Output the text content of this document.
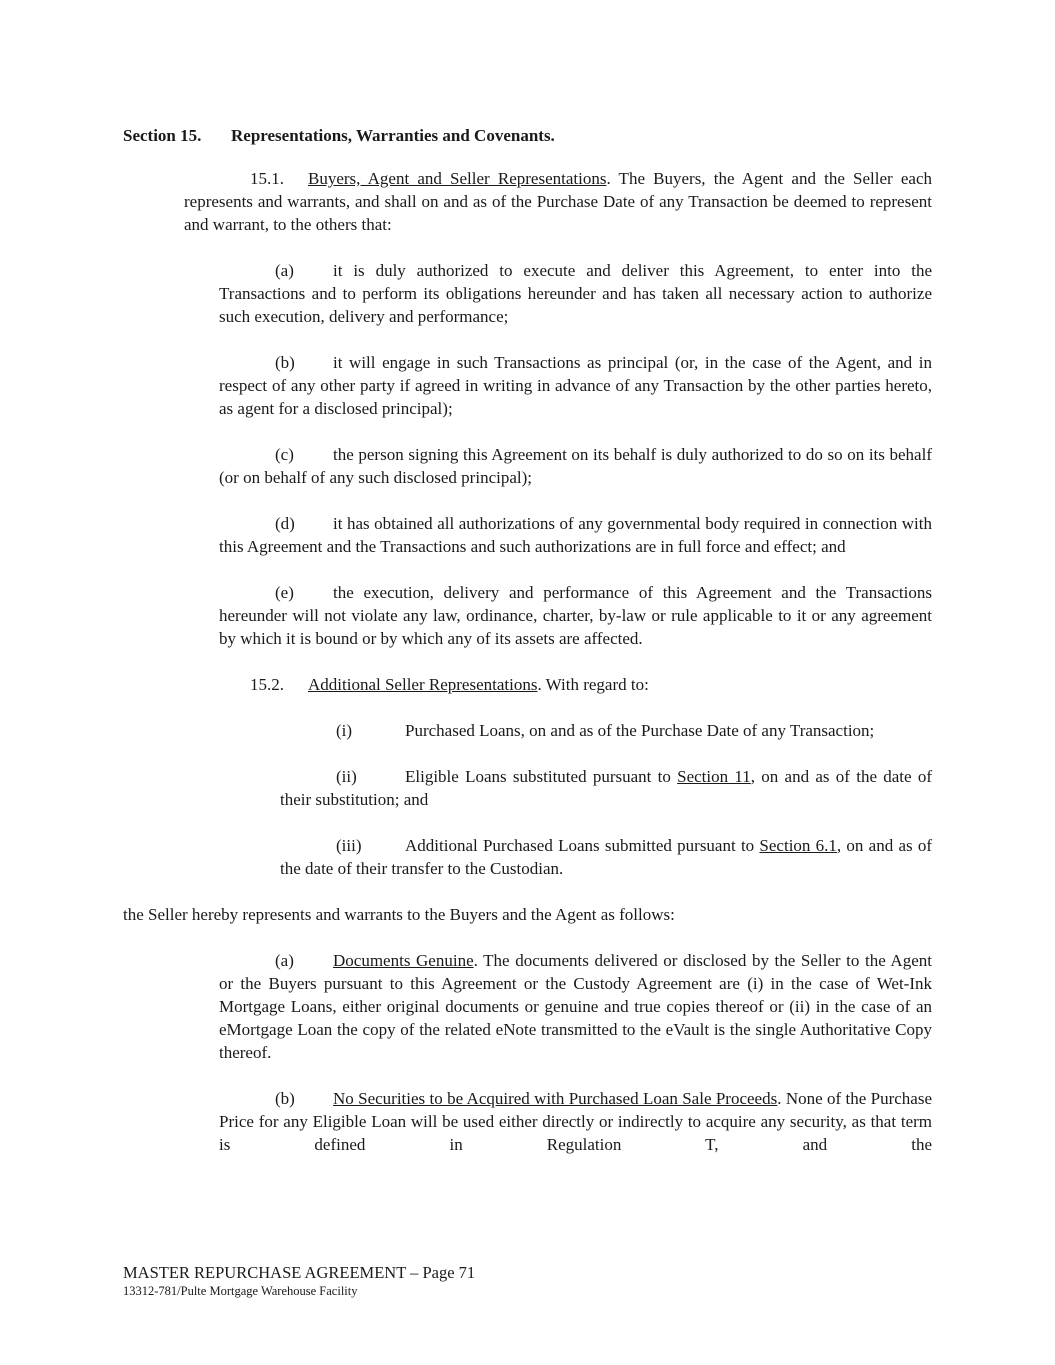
Section 15. Representations, Warranties and Covenants.

15.1. Buyers, Agent and Seller Representations. The Buyers, the Agent and the Seller each represents and warrants, and shall on and as of the Purchase Date of any Transaction be deemed to represent and warrant, to the others that:

(a) it is duly authorized to execute and deliver this Agreement, to enter into the Transactions and to perform its obligations hereunder and has taken all necessary action to authorize such execution, delivery and performance;

(b) it will engage in such Transactions as principal (or, in the case of the Agent, and in respect of any other party if agreed in writing in advance of any Transaction by the other parties hereto, as agent for a disclosed principal);

(c) the person signing this Agreement on its behalf is duly authorized to do so on its behalf (or on behalf of any such disclosed principal);

(d) it has obtained all authorizations of any governmental body required in connection with this Agreement and the Transactions and such authorizations are in full force and effect; and

(e) the execution, delivery and performance of this Agreement and the Transactions hereunder will not violate any law, ordinance, charter, by-law or rule applicable to it or any agreement by which it is bound or by which any of its assets are affected.

15.2. Additional Seller Representations. With regard to:

(i)	Purchased Loans, on and as of the Purchase Date of any Transaction;

(ii)	Eligible Loans substituted pursuant to Section 11, on and as of the date of their substitution; and

(iii)	Additional Purchased Loans submitted pursuant to Section 6.1, on and as of the date of their transfer to the Custodian.

the Seller hereby represents and warrants to the Buyers and the Agent as follows:

(a) Documents Genuine. The documents delivered or disclosed by the Seller to the Agent or the Buyers pursuant to this Agreement or the Custody Agreement are (i) in the case of Wet-Ink Mortgage Loans, either original documents or genuine and true copies thereof or (ii) in the case of an eMortgage Loan the copy of the related eNote transmitted to the eVault is the single Authoritative Copy thereof.

(b) No Securities to be Acquired with Purchased Loan Sale Proceeds. None of the Purchase Price for any Eligible Loan will be used either directly or indirectly to acquire any security, as that term is defined in Regulation T, and the

MASTER REPURCHASE AGREEMENT – Page 71
13312-781/Pulte Mortgage Warehouse Facility
